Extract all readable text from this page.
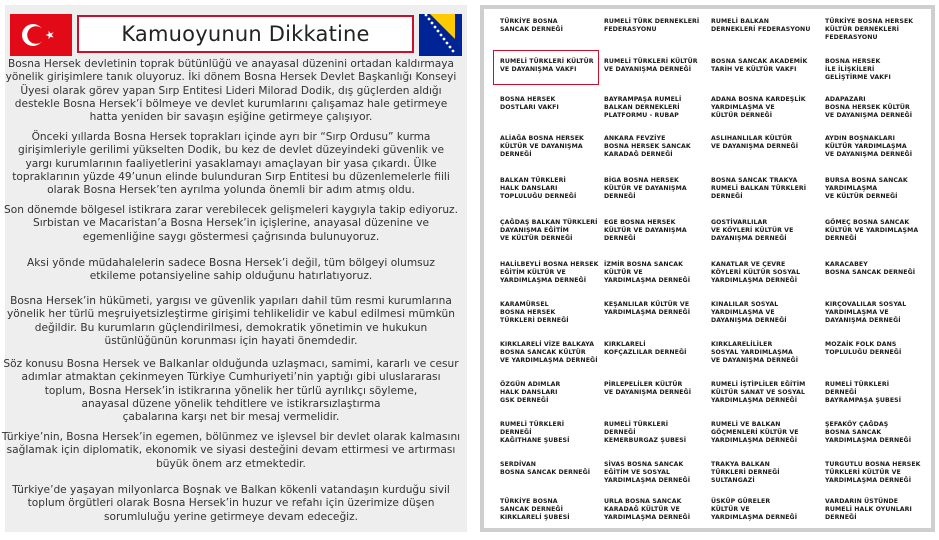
Kamuoyunun Dikkatine
Bosna Hersek devletinin toprak bütünlüğü ve anayasal düzenini ortadan kaldırmaya
yönelik girişimlere tanık oluyoruz. İki dönem Bosna Hersek Devlet Başkanlığı Konseyi
Üyesi olarak görev yapan Sırp Entitesi Lideri Milorad Dodik, dış güçlerden aldığı
destekle Bosna Hersek’i bölmeye ve devlet kurumlarını çalışamaz hale getirmeye
hatta yeniden bir savaşın eşiğine getirmeye çalışıyor.
Önceki yıllarda Bosna Hersek toprakları içinde ayrı bir “Sırp Ordusu” kurma
girişimleriyle gerilimi yükselten Dodik, bu kez de devlet düzeyindeki güvenlik ve
yargı kurumlarının faaliyetlerini yasaklamayı amaçlayan bir yasa çıkardı. Ülke
topraklarının yüzde 49’unun elinde bulunduran Sırp Entitesi bu düzenlemelerle fiili
olarak Bosna Hersek’ten ayrılma yolunda önemli bir adım atmış oldu.
Son dönemde bölgesel istikrara zarar verebilecek gelişmeleri kaygıyla takip ediyoruz.
Sırbistan ve Macaristan’a Bosna Hersek’in içişlerine, anayasal düzenine ve
egemenliğine saygı göstermesi çağrısında bulunuyoruz.
Aksi yönde müdahalelerin sadece Bosna Hersek’i değil, tüm bölgeyi olumsuz
etkileme potansiyeline sahip olduğunu hatırlatıyoruz.
Bosna Hersek’in hükümeti, yargısı ve güvenlik yapıları dahil tüm resmi kurumlarına
yönelik her türlü meşruiyetsizleştirme girişimi tehlikelidir ve kabul edilmesi mümkün
değildir. Bu kurumların güçlendirilmesi, demokratik yönetimin ve hukukun
üstünlüğünün korunması için hayati önemdedir.
Söz konusu Bosna Hersek ve Balkanlar olduğunda uzlaşmacı, samimi, kararlı ve cesur
adımlar atmaktan çekinmeyen Türkiye Cumhuriyeti’nin yaptığı gibi uluslararası
toplum, Bosna Hersek’in istikrarına yönelik her türlü ayrılıkçı söyleme,
anayasal düzene yönelik tehditlere ve istikrarsızlaştırma
çabalarına karşı net bir mesaj vermelidir.
Türkiye’nin, Bosna Hersek’in egemen, bölünmez ve işlevsel bir devlet olarak kalmasını
sağlamak için diplomatik, ekonomik ve siyasi desteğini devam ettirmesi ve artırması
büyük önem arz etmektedir.
Türkiye’de yaşayan milyonlarca Boşnak ve Balkan kökenli vatandaşın kurduğu sivil
toplum örgütleri olarak Bosna Hersek’in huzur ve refahı için üzerimize düşen
sorumluluğu yerine getirmeye devam edeceğiz.
TÜRKİYE BOSNA
SANCAK DERNEĞİ
RUMELİ TÜRK DERNEKLERİ
FEDERASYONU
RUMELİ BALKAN
DERNEKLERİ FEDERASYONU
TÜRKİYE BOSNA HERSEK
KÜLTÜR DERNEKLERİ
FEDERASYONU
RUMELİ TÜRKLERİ KÜLTÜR
VE DAYANIŞMA VAKFI
RUMELİ TÜRKLERİ KÜLTÜR
VE DAYANIŞMA DERNEĞİ
BOSNA SANCAK AKADEMİK
TARİH VE KÜLTÜR VAKFI
BOSNA HERSEK
İLE İLİŞKİLERİ
GELİŞTİRME VAKFI
BOSNA HERSEK
DOSTLARI VAKFI
BAYRAMPAŞA RUMELİ
BALKAN DERNEKLERİ
PLATFORMU - RUBAP
ADANA BOSNA KARDEŞLİK
YARDIMLAŞMA VE
KÜLTÜR DERNEĞİ
ADAPAZARI
BOSNA HERSEK KÜLTÜR
VE DAYANIŞMA DERNEĞİ
ALİAĞA BOSNA HERSEK
KÜLTÜR VE DAYANIŞMA
DERNEĞİ
ANKARA FEVZİYE
BOSNA HERSEK SANCAK
KARADAĞ DERNEĞİ
ASLIHANLILAR KÜLTÜR
VE DAYANIŞMA DERNEĞİ
AYDIN BOŞNAKLARI
KÜLTÜR YARDIMLAŞMA
VE DAYANIŞMA DERNEĞİ
BALKAN TÜRKLERİ
HALK DANSLARI
TOPLULUĞU DERNEĞİ
BİGA BOSNA HERSEK
KÜLTÜR VE DAYANIŞMA
DERNEĞİ
BOSNA SANCAK TRAKYA
RUMELİ BALKAN TÜRKLERİ
DERNEĞİ
BURSA BOSNA SANCAK
YARDIMLAŞMA
VE KÜLTÜR DERNEĞİ
ÇAĞDAŞ BALKAN TÜRKLERİ
DAYANIŞMA EĞİTİM
VE KÜLTÜR DERNEĞİ
EGE BOSNA HERSEK
KÜLTÜR VE DAYANIŞMA
DERNEĞİ
GOSTİVARLILAR
VE KÖYLERİ KÜLTÜR VE
DAYANIŞMA DERNEĞİ
GÖMEÇ BOSNA SANCAK
KÜLTÜR VE YARDIMLAŞMA
DERNEĞİ
HALİLBEYLİ BOSNA HERSEK
EĞİTİM KÜLTÜR VE
YARDIMLAŞMA DERNEĞİ
İZMİR BOSNA SANCAK
KÜLTÜR VE
YARDIMLAŞMA DERNEĞİ
KANATLAR VE ÇEVRE
KÖYLERİ KÜLTÜR SOSYAL
YARDIMLAŞMA DERNEĞİ
KARACABEY
BOSNA SANCAK DERNEĞİ
KARAMÜRSEL
BOSNA HERSEK
TÜRKLERİ DERNEĞİ
KEŞANLILAR KÜLTÜR VE
YARDIMLAŞMA DERNEĞİ
KINALILAR SOSYAL
YARDIMLAŞMA VE
DAYANIŞMA DERNEĞİ
KIRÇOVALILAR SOSYAL
YARDIMLAŞMA VE
DAYANIŞMA DERNEĞİ
KIRKLARELİ VİZE BALKAYA
BOSNA SANCAK KÜLTÜR
VE YARDIMLAŞMA DERNEĞİ
KIRKLARELİ
KOFÇAZLILAR DERNEĞİ
KIRKLARELİLİLER
SOSYAL YARDIMLAŞMA
VE DAYANIŞMA DERNEĞİ
MOZAİK FOLK DANS
TOPLULUĞU DERNEĞİ
ÖZGÜN ADIMLAR
HALK DANSLARI
GSK DERNEĞİ
PİRLEPELİLER KÜLTÜR
VE DAYANIŞMA DERNEĞİ
RUMELİ İŞTİPLİLER EĞİTİM
KÜLTÜR SANAT VE SOSYAL
YARDIMLAŞMA DERNEĞİ
RUMELİ TÜRKLERİ
DERNEĞİ
BAYRAMPAŞA ŞUBESİ
RUMELİ TÜRKLERİ
DERNEĞİ
KAĞITHANE ŞUBESİ
RUMELİ TÜRKLERİ
DERNEĞİ
KEMERBURGAZ ŞUBESİ
RUMELİ VE BALKAN
GÖÇMENLERİ KÜLTÜR VE
YARDIMLAŞMA DERNEĞİ
ŞEFAKÖY ÇAĞDAŞ
BOSNA SANCAK
YARDIMLAŞMA DERNEĞİ
SERDİVAN
BOSNA SANCAK DERNEĞİ
SİVAS BOSNA SANCAK
EĞİTİM VE SOSYAL
YARDIMLAŞMA DERNEĞİ
TRAKYA BALKAN
TÜRKLERİ DERNEĞİ
SULTANGAZİ
TURGUTLU BOSNA HERSEK
TÜRKLERİ KÜLTÜR VE
YARDIMLAŞMA DERNEĞİ
TÜRKİYE BOSNA
SANCAK DERNEĞİ
KIRKLARELİ ŞUBESİ
URLA BOSNA SANCAK
KARADAĞ KÜLTÜR VE
YARDIMLAŞMA DERNEĞİ
ÜSKÜP GÜRELER
KÜLTÜR VE
YARDIMLAŞMA DERNEĞİ
VARDARIN ÜSTÜNDE
RUMELİ HALK OYUNLARI
DERNEĞİ
